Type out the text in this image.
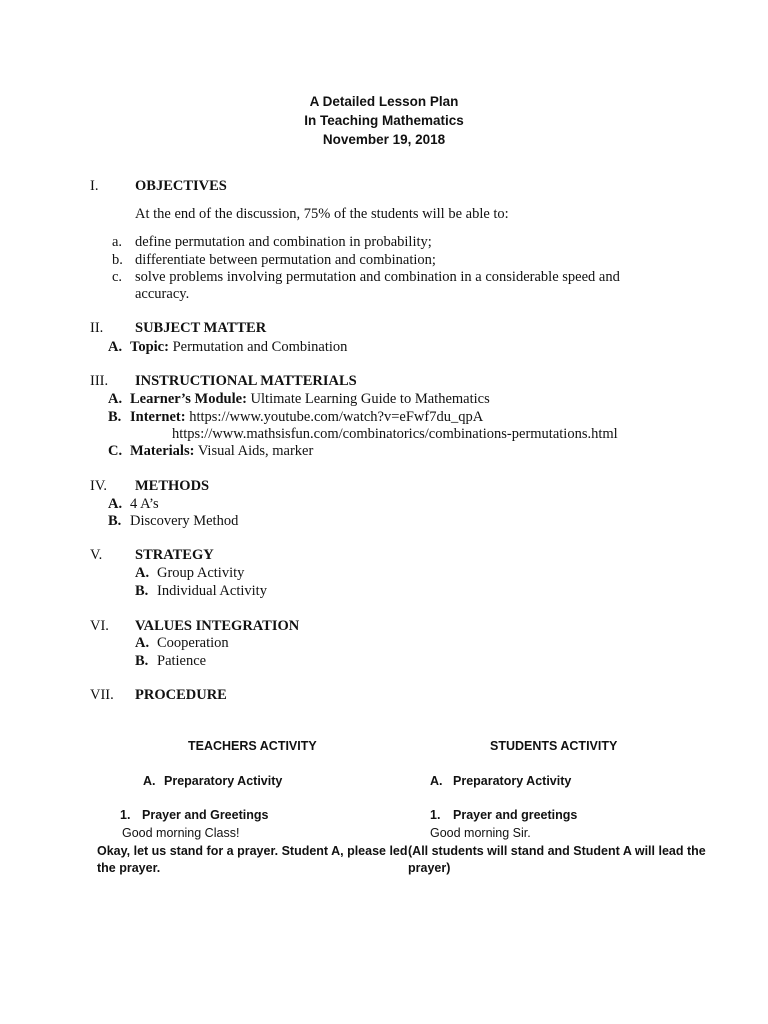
A Detailed Lesson Plan
In Teaching Mathematics
November 19, 2018
I.	OBJECTIVES
At the end of the discussion, 75% of the students will be able to:
a. define permutation and combination in probability;
b. differentiate between permutation and combination;
c. solve problems involving permutation and combination in a considerable speed and
accuracy.
II. SUBJECT MATTER
A. Topic: Permutation and Combination
III. INSTRUCTIONAL MATTERIALS
A. Learner’s Module: Ultimate Learning Guide to Mathematics
B. Internet: https://www.youtube.com/watch?v=eFwf7du_qpA
https://www.mathsisfun.com/combinatorics/combinations-permutations.html
C. Materials: Visual Aids, marker
IV. METHODS
A. 4 A’s
B. Discovery Method
V. STRATEGY
A. Group Activity
B. Individual Activity
VI. VALUES INTEGRATION
A. Cooperation
B. Patience
VII. PROCEDURE
TEACHERS ACTIVITY
A. Preparatory Activity
1. Prayer and Greetings
Good morning Class!
Okay, let us stand for a prayer. Student A, please led
the prayer.
STUDENTS ACTIVITY
A. Preparatory Activity
1. Prayer and greetings
Good morning Sir.
(All students will stand and Student A will lead the
prayer)
